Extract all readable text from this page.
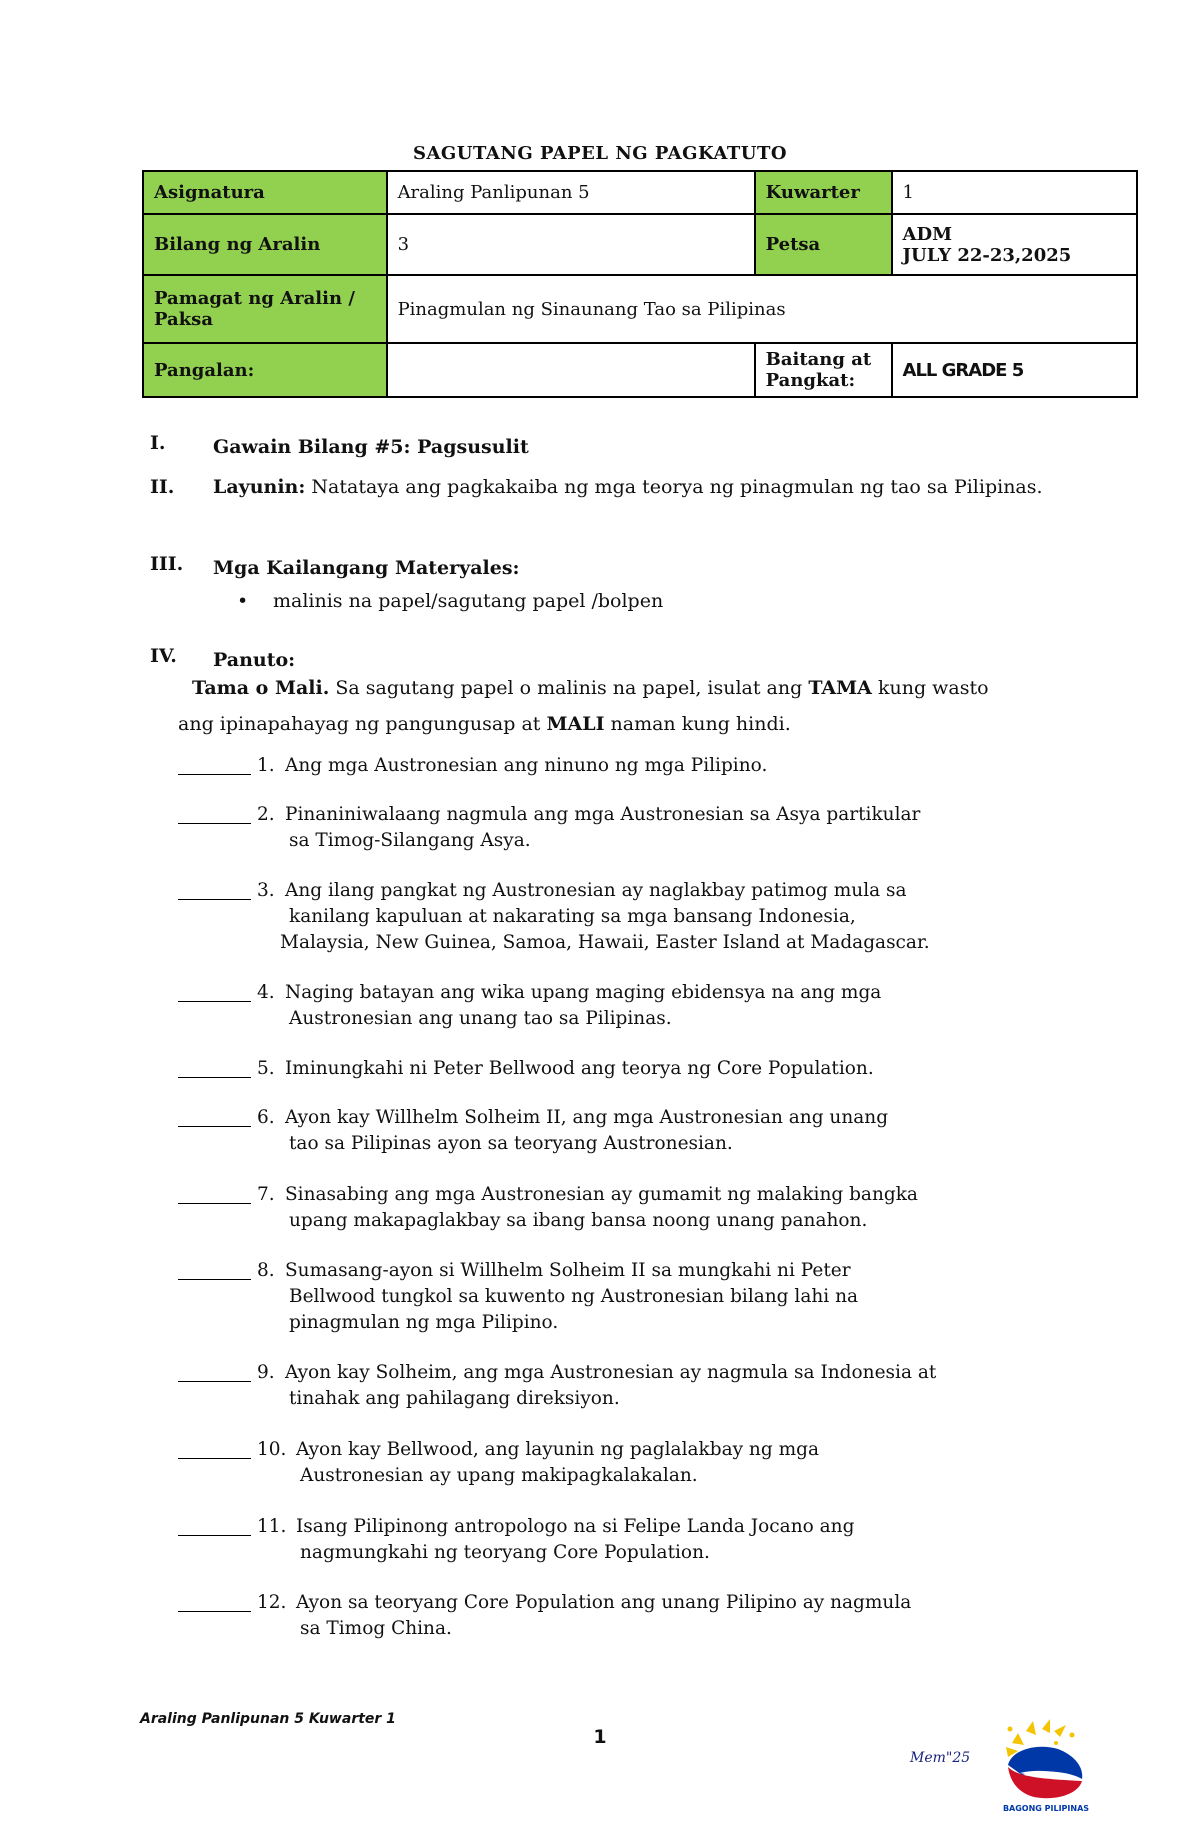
SAGUTANG PAPEL NG PAGKATUTO
Asignatura	Araling Panlipunan 5	Kuwarter	1
Bilang ng Aralin	3	Petsa	ADM
JULY 22-23,2025

Pamagat ng Aralin /
Paksa	Pinagmulan ng Sinaunang Tao sa Pilipinas		
Pangalan:		Baitang at
Pangkat:	ALL GRADE 5
I. Gawain Bilang #5: Pagsusulit
II. Layunin: Natataya ang pagkakaiba ng mga teorya ng pinagmulan ng tao sa Pilipinas.
III. Mga Kailangang Materyales:
• malinis na papel/sagutang papel /bolpen
IV. Panuto:
Tama o Mali. Sa sagutang papel o malinis na papel, isulat ang TAMA kung wasto
ang ipinapahayag ng pangungusap at MALI naman kung hindi.
1. Ang mga Austronesian ang ninuno ng mga Pilipino.
2. Pinaniniwalaang nagmula ang mga Austronesian sa Asya partikular
sa Timog-Silangang Asya.
3. Ang ilang pangkat ng Austronesian ay naglakbay patimog mula sa
kanilang kapuluan at nakarating sa mga bansang Indonesia,
Malaysia, New Guinea, Samoa, Hawaii, Easter Island at Madagascar.
4. Naging batayan ang wika upang maging ebidensya na ang mga
Austronesian ang unang tao sa Pilipinas.
5. Iminungkahi ni Peter Bellwood ang teorya ng Core Population.
6. Ayon kay Willhelm Solheim II, ang mga Austronesian ang unang
tao sa Pilipinas ayon sa teoryang Austronesian.
7. Sinasabing ang mga Austronesian ay gumamit ng malaking bangka
upang makapaglakbay sa ibang bansa noong unang panahon.
8. Sumasang-ayon si Willhelm Solheim II sa mungkahi ni Peter
Bellwood tungkol sa kuwento ng Austronesian bilang lahi na
pinagmulan ng mga Pilipino.
9. Ayon kay Solheim, ang mga Austronesian ay nagmula sa Indonesia at
tinahak ang pahilagang direksiyon.
10. Ayon kay Bellwood, ang layunin ng paglalakbay ng mga
Austronesian ay upang makipagkalakalan.
11. Isang Pilipinong antropologo na si Felipe Landa Jocano ang
nagmungkahi ng teoryang Core Population.
12. Ayon sa teoryang Core Population ang unang Pilipino ay nagmula
sa Timog China.
Araling Panlipunan 5 Kuwarter 1
1
Mem"25
BAGONG PILIPINAS
